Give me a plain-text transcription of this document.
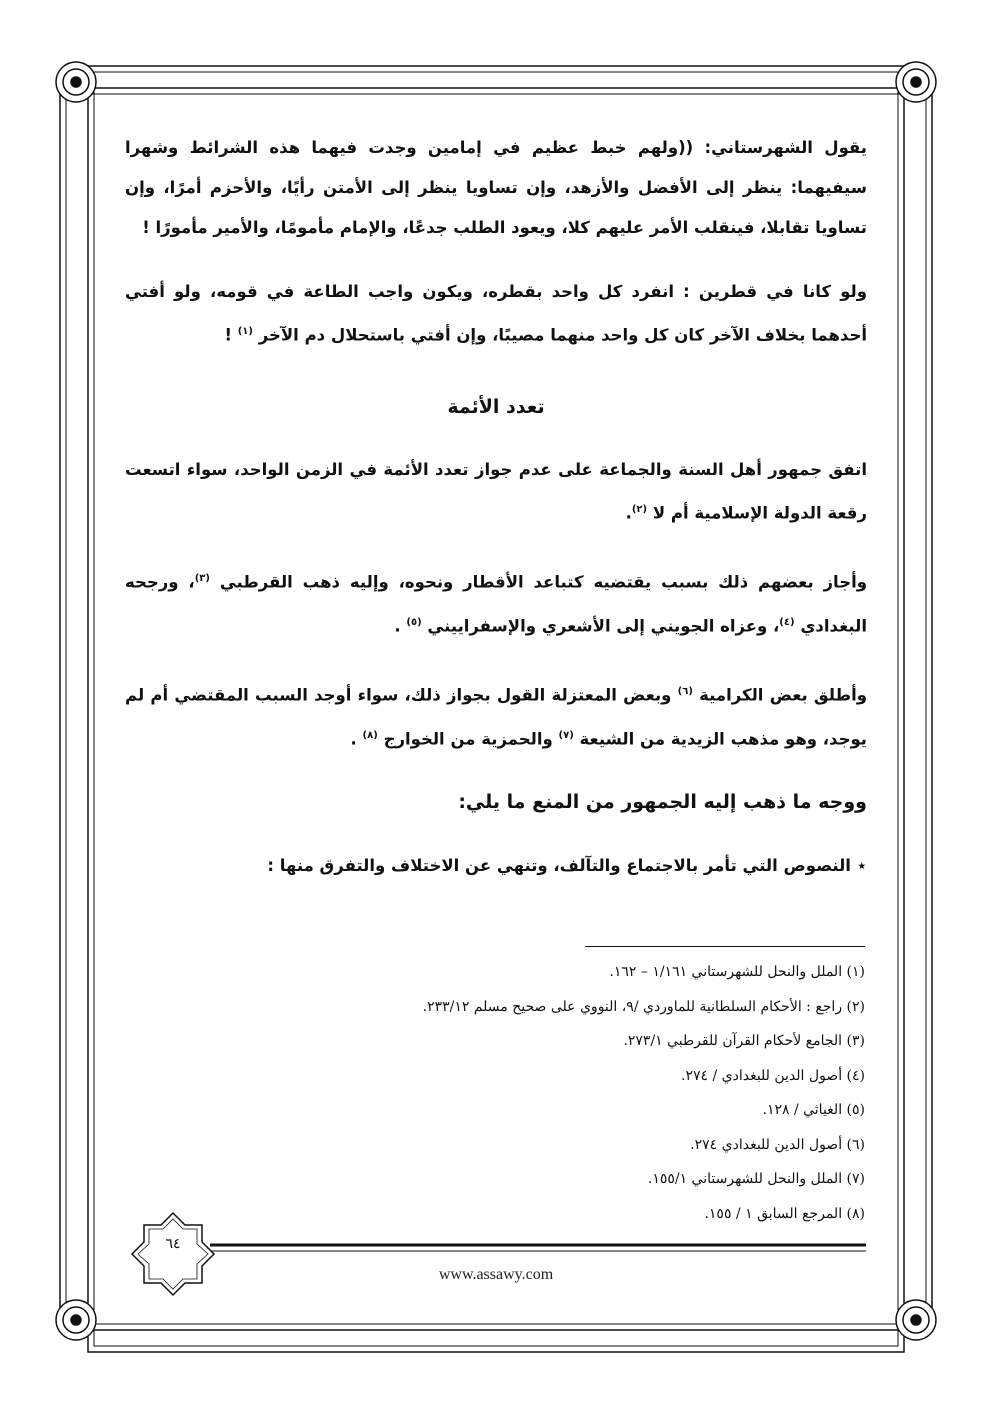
يقول الشهرستاني: ((ولهم خبط عظيم في إمامين وجدت فيهما هذه الشرائط وشهرا سيفيهما: ينظر إلى الأفضل والأزهد، وإن تساويا ينظر إلى الأمتن رأيًا، والأحزم أمرًا، وإن تساويا تقابلا، فينقلب الأمر عليهم كلا، ويعود الطلب جدعًا، والإمام مأمومًا، والأمير مأمورًا !

ولو كانا في قطرين : انفرد كل واحد بقطره، ويكون واجب الطاعة في قومه، ولو أفتي أحدهما بخلاف الآخر كان كل واحد منهما مصيبًا، وإن أفتي باستحلال دم الآخر $^{(١)}$ !

تعدد الأئمة

اتفق جمهور أهل السنة والجماعة على عدم جواز تعدد الأئمة في الزمن الواحد، سواء اتسعت رقعة الدولة الإسلامية أم لا $^{(٢)}$.

وأجاز بعضهم ذلك بسبب يقتضيه كتباعد الأقطار ونحوه، وإليه ذهب القرطبي $^{(٣)}$، ورجحه البغدادي $^{(٤)}$، وعزاه الجويني إلى الأشعري والإسفراييني $^{(٥)}$ .

وأطلق بعض الكرامية $^{(٦)}$ وبعض المعتزلة القول بجواز ذلك، سواء أوجد السبب المقتضي أم لم يوجد، وهو مذهب الزيدية من الشيعة $^{(٧)}$ والحمزية من الخوارج $^{(٨)}$ .

ووجه ما ذهب إليه الجمهور من المنع ما يلي:
⋆ النصوص التي تأمر بالاجتماع والتآلف، وتنهي عن الاختلاف والتفرق منها :

(١) الملل والنحل للشهرستاني ١/١٦١ – ١٦٢.

(٢) راجع : الأحكام السلطانية للماوردي /٩، النووي على صحيح مسلم ٢٣٣/١٢.

(٣) الجامع لأحكام القرآن للقرطبي ٢٧٣/١.

(٤) أصول الدين للبغدادي / ٢٧٤.

(٥) الغياثي / ١٢٨.

(٦) أصول الدين للبغدادي ٢٧٤.

(٧) الملل والنحل للشهرستاني ١٥٥/١.

(٨) المرجع السابق ١ / ١٥٥.

٦٤
www.assawy.com
